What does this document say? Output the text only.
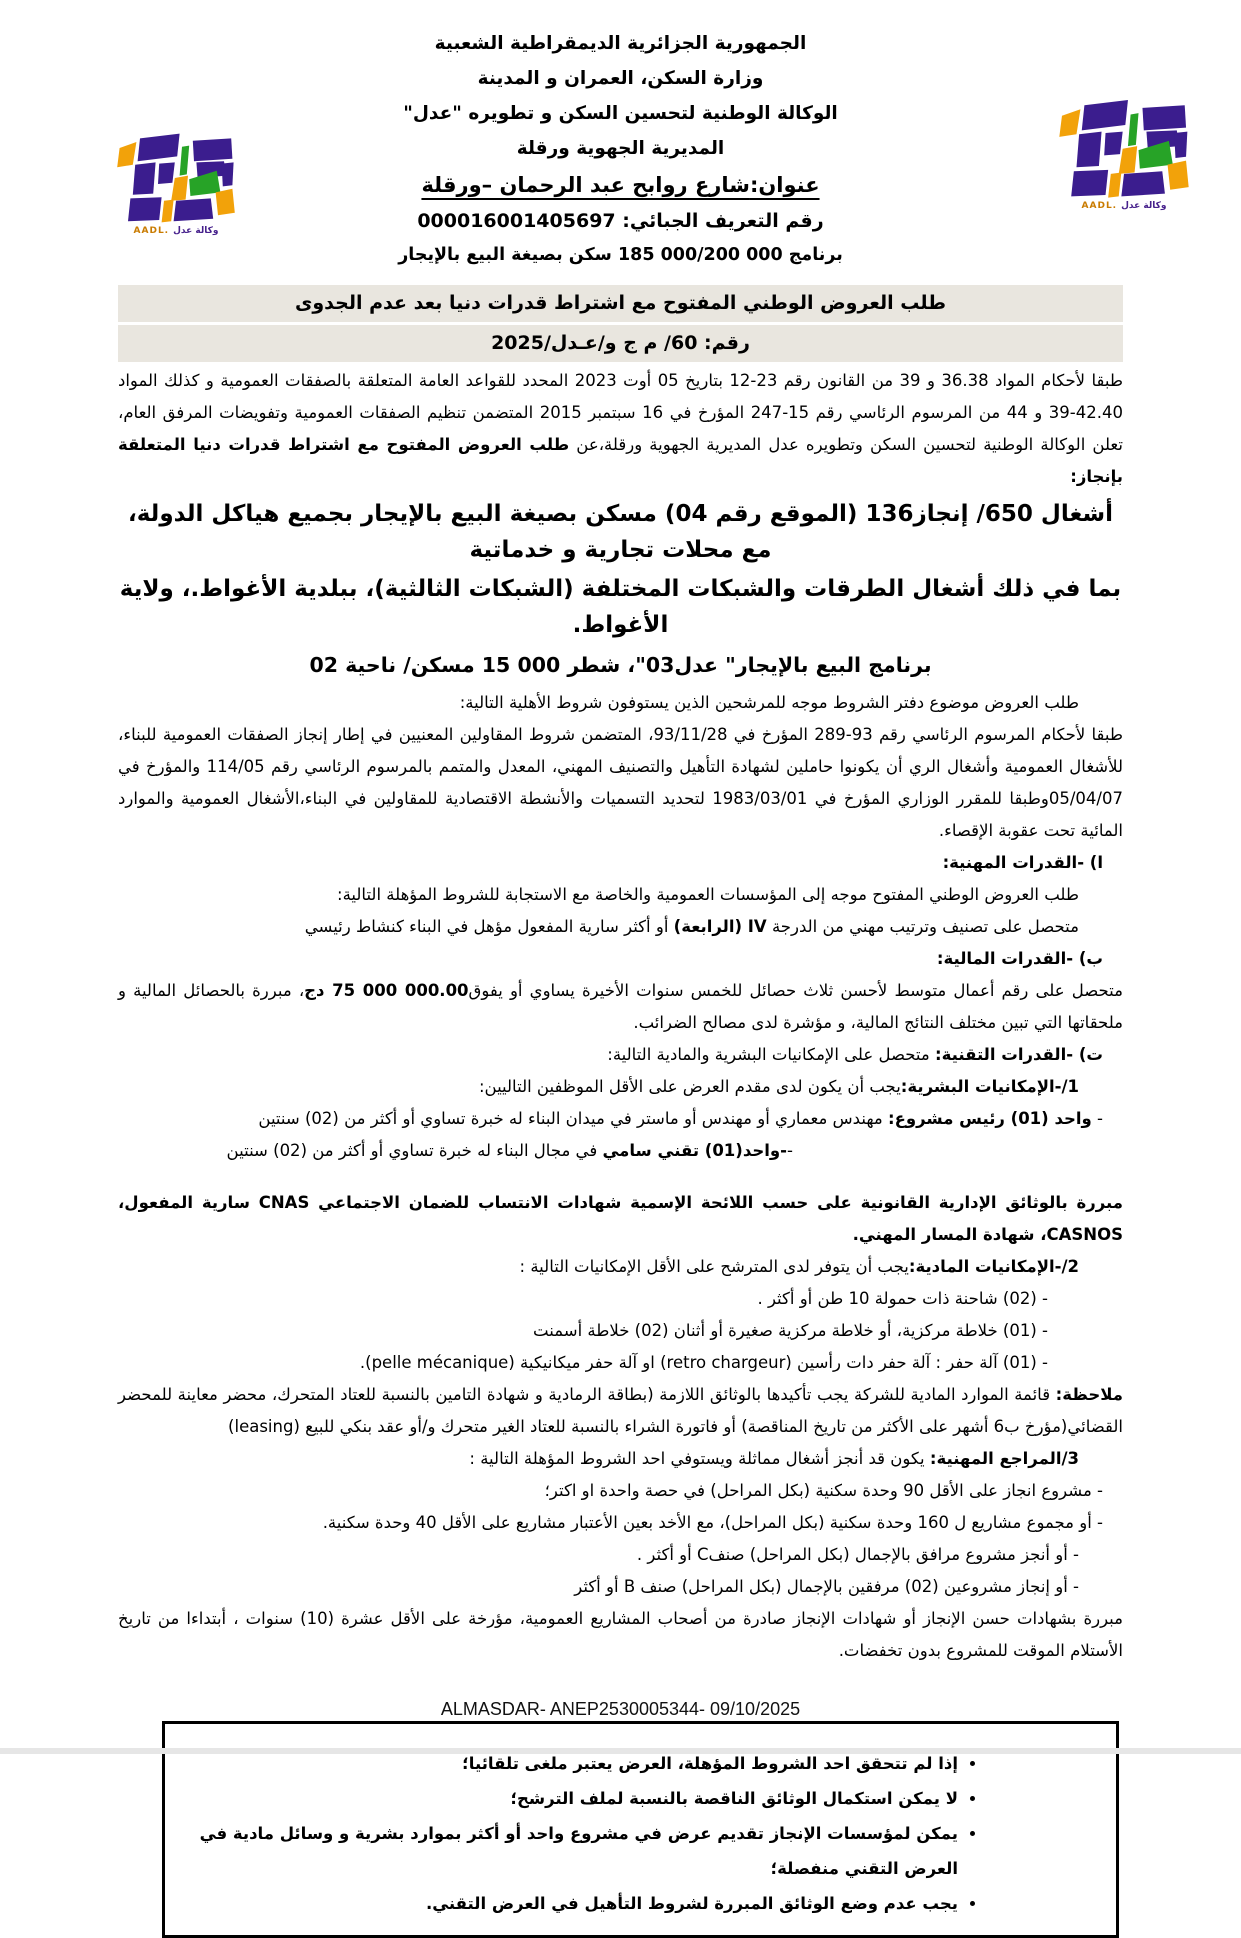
AADL. وكالة عدل
AADL. وكالة عدل
الجمهورية الجزائرية الديمقراطية الشعبية
وزارة السكن، العمران و المدينة
الوكالة الوطنية لتحسين السكن و تطويره "عدل"
المديرية الجهوية ورقلة
عنوان:شارع روابح عبد الرحمان –ورقلة
رقم التعريف الجبائي: 000016001405697
برنامج 185 000/200 000 سكن بصيغة البيع بالإيجار
طلب العروض الوطني المفتوح مع اشتراط قدرات دنيا بعد عدم الجدوى
رقم: 60/ م ج و/عـدل/2025
طبقا لأحكام المواد 36.38 و 39 من القانون رقم 23-12 بتاريخ 05 أوت 2023 المحدد للقواعد العامة المتعلقة بالصفقات العمومية و كذلك المواد 42.40-39 و 44 من المرسوم الرئاسي رقم 15-247 المؤرخ في 16 سبتمبر 2015 المتضمن تنظيم الصفقات العمومية وتفويضات المرفق العام، تعلن الوكالة الوطنية لتحسين السكن وتطويره عدل المديرية الجهوية ورقلة،عن طلب العروض المفتوح مع اشتراط قدرات دنيا المتعلقة بإنجاز:
أشغال 650/ إنجاز136 (الموقع رقم 04) مسكن بصيغة البيع بالإيجار بجميع هياكل الدولة، مع محلات تجارية و خدماتية
بما في ذلك أشغال الطرقات والشبكات المختلفة (الشبكات الثالثية)، ببلدية الأغواط.، ولاية الأغواط.
برنامج البيع بالإيجار" عدل03"، شطر 15 000 مسكن/ ناحية 02
طلب العروض موضوع دفتر الشروط موجه للمرشحين الذين يستوفون شروط الأهلية التالية:
طبقا لأحكام المرسوم الرئاسي رقم 93-289 المؤرخ في 93/11/28، المتضمن شروط المقاولين المعنيين في إطار إنجاز الصفقات العمومية للبناء، للأشغال العمومية وأشغال الري أن يكونوا حاملين لشهادة التأهيل والتصنيف المهني، المعدل والمتمم بالمرسوم الرئاسي رقم 114/05 والمؤرخ في 05/04/07وطبقا للمقرر الوزاري المؤرخ في 1983/03/01 لتحديد التسميات والأنشطة الاقتصادية للمقاولين في البناء،الأشغال العمومية والموارد المائية تحت عقوبة الإقصاء.
ا) -القدرات المهنية:
طلب العروض الوطني المفتوح موجه إلى المؤسسات العمومية والخاصة مع الاستجابة للشروط المؤهلة التالية:
متحصل على تصنيف وترتيب مهني من الدرجة IV (الرابعة) أو أكثر سارية المفعول مؤهل في البناء كنشاط رئيسي
ب) -القدرات المالية:
متحصل على رقم أعمال متوسط لأحسن ثلاث حصائل للخمس سنوات الأخيرة يساوي أو يفوق75 000 000.00 دج، مبررة بالحصائل المالية و ملحقاتها التي تبين مختلف النتائج المالية، و مؤشرة لدى مصالح الضرائب.
ت) -القدرات التقنية: متحصل على الإمكانيات البشرية والمادية التالية:
1/-الإمكانيات البشرية:يجب أن يكون لدى مقدم العرض على الأقل الموظفين التاليين:
- واحد (01) رئيس مشروع: مهندس معماري أو مهندس أو ماستر في ميدان البناء له خبرة تساوي أو أكثر من (02) سنتين
--واحد(01) تقني سامي في مجال البناء له خبرة تساوي أو أكثر من (02) سنتين
مبررة بالوثائق الإدارية القانونية على حسب اللائحة الإسمية شهادات الانتساب للضمان الاجتماعي CNAS سارية المفعول، CASNOS، شهادة المسار المهني.
2/-الإمكانيات المادية:يجب أن يتوفر لدى المترشح على الأقل الإمكانيات التالية :
- (02) شاحنة ذات حمولة 10 طن أو أكثر .
- (01) خلاطة مركزية، أو خلاطة مركزية صغيرة أو أثنان (02) خلاطة أسمنت
- (01) آلة حفر : آلة حفر دات رأسين (retro chargeur) او آلة حفر ميكانيكية (pelle mécanique).
ملاحظة: قائمة الموارد المادية للشركة يجب تأكيدها بالوثائق اللازمة (بطاقة الرمادية و شهادة التامين بالنسبة للعتاد المتحرك، محضر معاينة للمحضر القضائي(مؤرخ ب6 أشهر على الأكثر من تاريخ المناقصة) أو فاتورة الشراء بالنسبة للعتاد الغير متحرك و/أو عقد بنكي للبيع (leasing)
3/المراجع المهنية: يكون قد أنجز أشغال مماثلة ويستوفي احد الشروط المؤهلة التالية :
- مشروع انجاز على الأقل 90 وحدة سكنية (بكل المراحل) في حصة واحدة او اكتر؛
- أو مجموع مشاريع ل 160 وحدة سكنية (بكل المراحل)، مع الأخد بعين الأعتبار مشاريع على الأقل 40 وحدة سكنية.
- أو أنجز مشروع مرافق بالإجمال (بكل المراحل) صنفC أو أكثر .
- أو إنجاز مشروعين (02) مرفقين بالإجمال (بكل المراحل) صنف B أو أكثر
مبررة بشهادات حسن الإنجاز أو شهادات الإنجاز صادرة من أصحاب المشاريع العمومية، مؤرخة على الأقل عشرة (10) سنوات ، أبتداءا من تاريخ الأستلام الموقت للمشروع بدون تخفضات.
• إذا لم تتحقق احد الشروط المؤهلة، العرض يعتبر ملغى تلقائيا؛
• لا يمكن استكمال الوثائق الناقصة بالنسبة لملف الترشح؛
• يمكن لمؤسسات الإنجاز تقديم عرض في مشروع واحد أو أكثر بموارد بشرية و وسائل مادية في العرض التقني منفصلة؛
• يجب عدم وضع الوثائق المبررة لشروط التأهيل في العرض التقني.
ALMASDAR- ANEP2530005344- 09/10/2025
